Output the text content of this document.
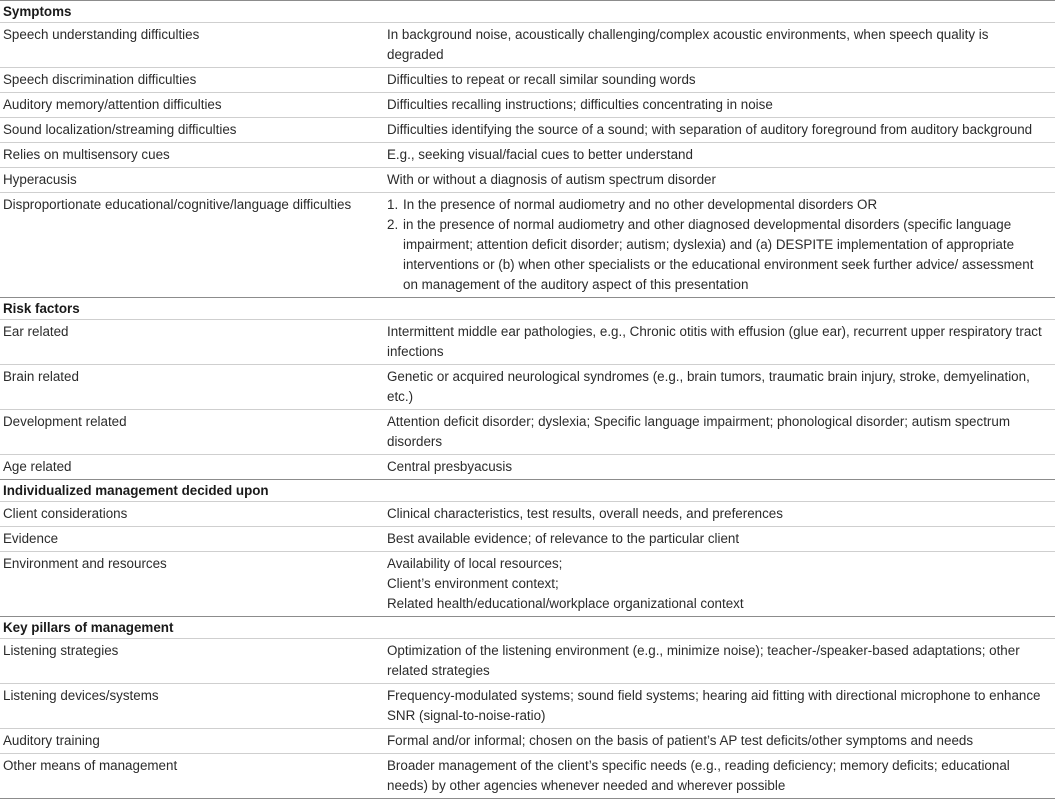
Symptoms
Speech understanding difficulties	In background noise, acoustically challenging/complex acoustic environments, when speech quality is degraded
Speech discrimination difficulties	Difficulties to repeat or recall similar sounding words
Auditory memory/attention difficulties	Difficulties recalling instructions; difficulties concentrating in noise
Sound localization/streaming difficulties	Difficulties identifying the source of a sound; with separation of auditory foreground from auditory background
Relies on multisensory cues	E.g., seeking visual/facial cues to better understand
Hyperacusis	With or without a diagnosis of autism spectrum disorder
Disproportionate educational/cognitive/language difficulties	1. In the presence of normal audiometry and no other developmental disorders OR
2. in the presence of normal audiometry and other diagnosed developmental disorders (specific language impairment; attention deficit disorder; autism; dyslexia) and (a) DESPITE implementation of appropriate interventions or (b) when other specialists or the educational environment seek further advice/ assessment on management of the auditory aspect of this presentation
Risk factors
Ear related	Intermittent middle ear pathologies, e.g., Chronic otitis with effusion (glue ear), recurrent upper respiratory tract infections
Brain related	Genetic or acquired neurological syndromes (e.g., brain tumors, traumatic brain injury, stroke, demyelination, etc.)
Development related	Attention deficit disorder; dyslexia; Specific language impairment; phonological disorder; autism spectrum disorders
Age related	Central presbyacusis
Individualized management decided upon
Client considerations	Clinical characteristics, test results, overall needs, and preferences
Evidence	Best available evidence; of relevance to the particular client
Environment and resources	Availability of local resources;
Client’s environment context;
Related health/educational/workplace organizational context
Key pillars of management
Listening strategies	Optimization of the listening environment (e.g., minimize noise); teacher-/speaker-based adaptations; other related strategies
Listening devices/systems	Frequency-modulated systems; sound field systems; hearing aid fitting with directional microphone to enhance SNR (signal-to-noise-ratio)
Auditory training	Formal and/or informal; chosen on the basis of patient’s AP test deficits/other symptoms and needs
Other means of management	Broader management of the client’s specific needs (e.g., reading deficiency; memory deficits; educational needs) by other agencies whenever needed and wherever possible
